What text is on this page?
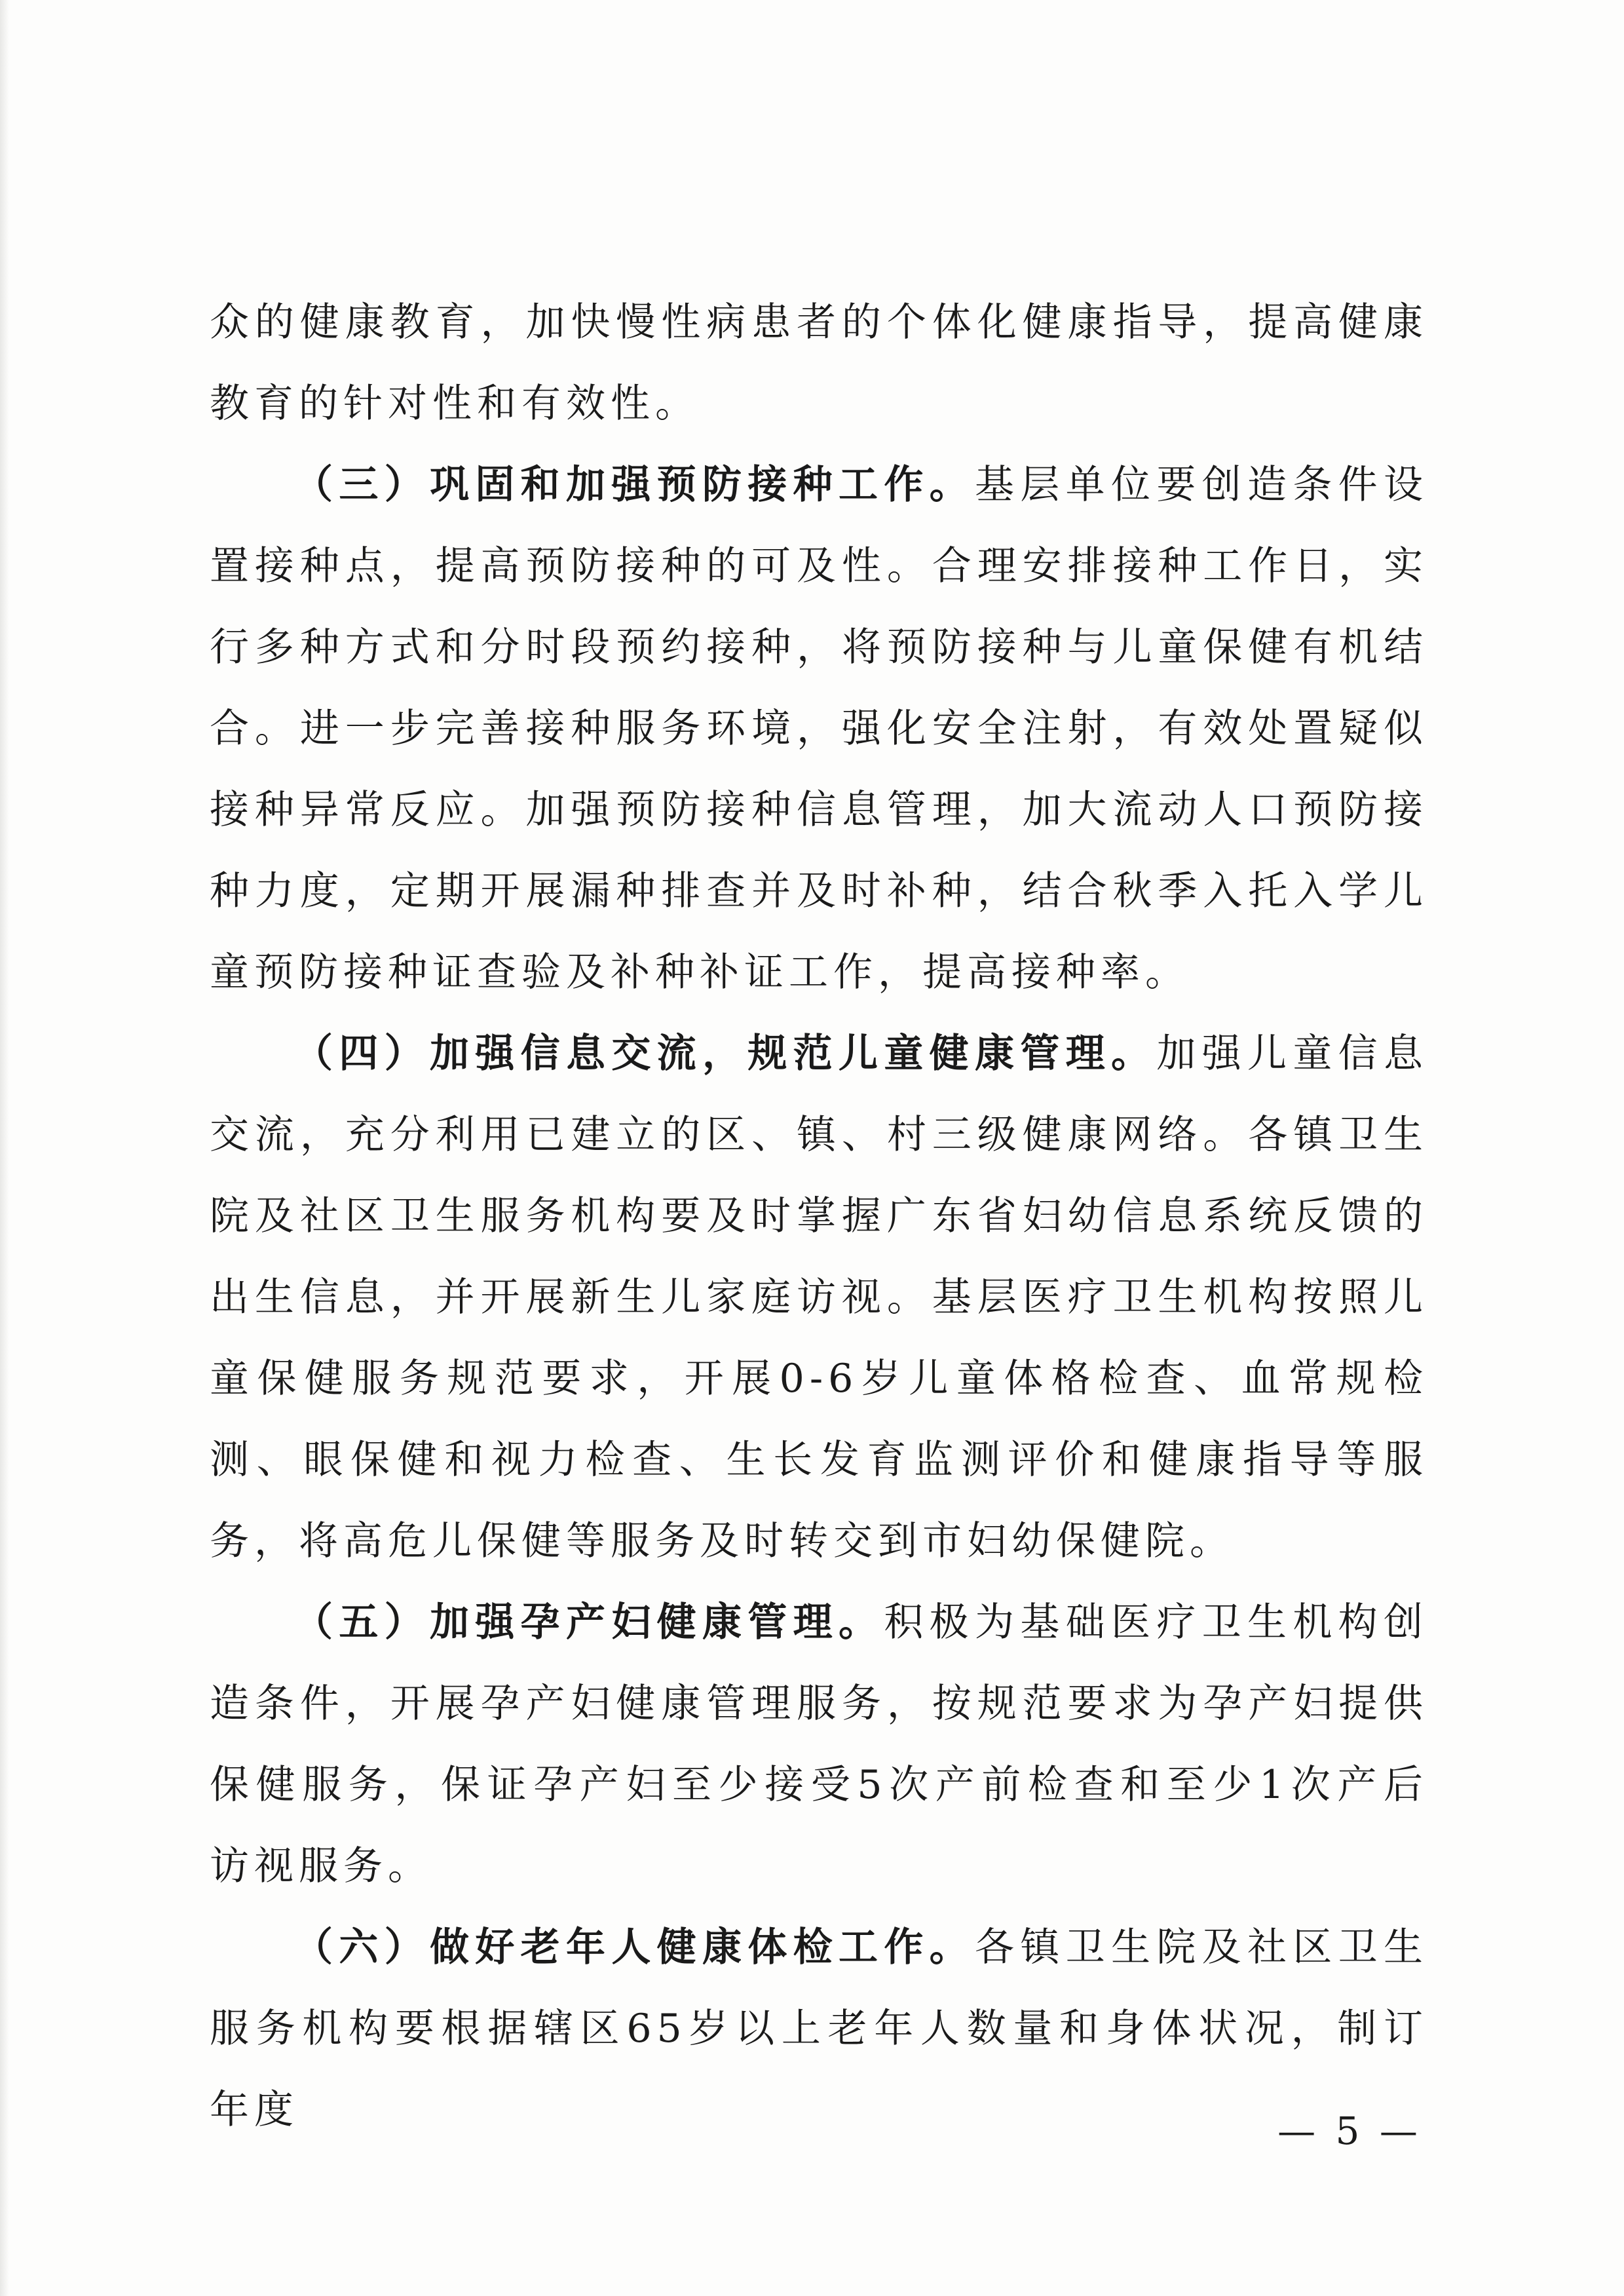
众的健康教育，加快慢性病患者的个体化健康指导，提高健康教育的针对性和有效性。

（三）巩固和加强预防接种工作。基层单位要创造条件设置接种点，提高预防接种的可及性。合理安排接种工作日，实行多种方式和分时段预约接种，将预防接种与儿童保健有机结合。进一步完善接种服务环境，强化安全注射，有效处置疑似接种异常反应。加强预防接种信息管理，加大流动人口预防接种力度，定期开展漏种排查并及时补种，结合秋季入托入学儿童预防接种证查验及补种补证工作，提高接种率。

（四）加强信息交流，规范儿童健康管理。加强儿童信息交流，充分利用已建立的区、镇、村三级健康网络。各镇卫生院及社区卫生服务机构要及时掌握广东省妇幼信息系统反馈的出生信息，并开展新生儿家庭访视。基层医疗卫生机构按照儿童保健服务规范要求，开展0-6岁儿童体格检查、血常规检测、眼保健和视力检查、生长发育监测评价和健康指导等服务，将高危儿保健等服务及时转交到市妇幼保健院。

（五）加强孕产妇健康管理。积极为基础医疗卫生机构创造条件，开展孕产妇健康管理服务，按规范要求为孕产妇提供保健服务，保证孕产妇至少接受5次产前检查和至少1次产后访视服务。

（六）做好老年人健康体检工作。各镇卫生院及社区卫生服务机构要根据辖区65岁以上老年人数量和身体状况，制订年度	— 5 —
